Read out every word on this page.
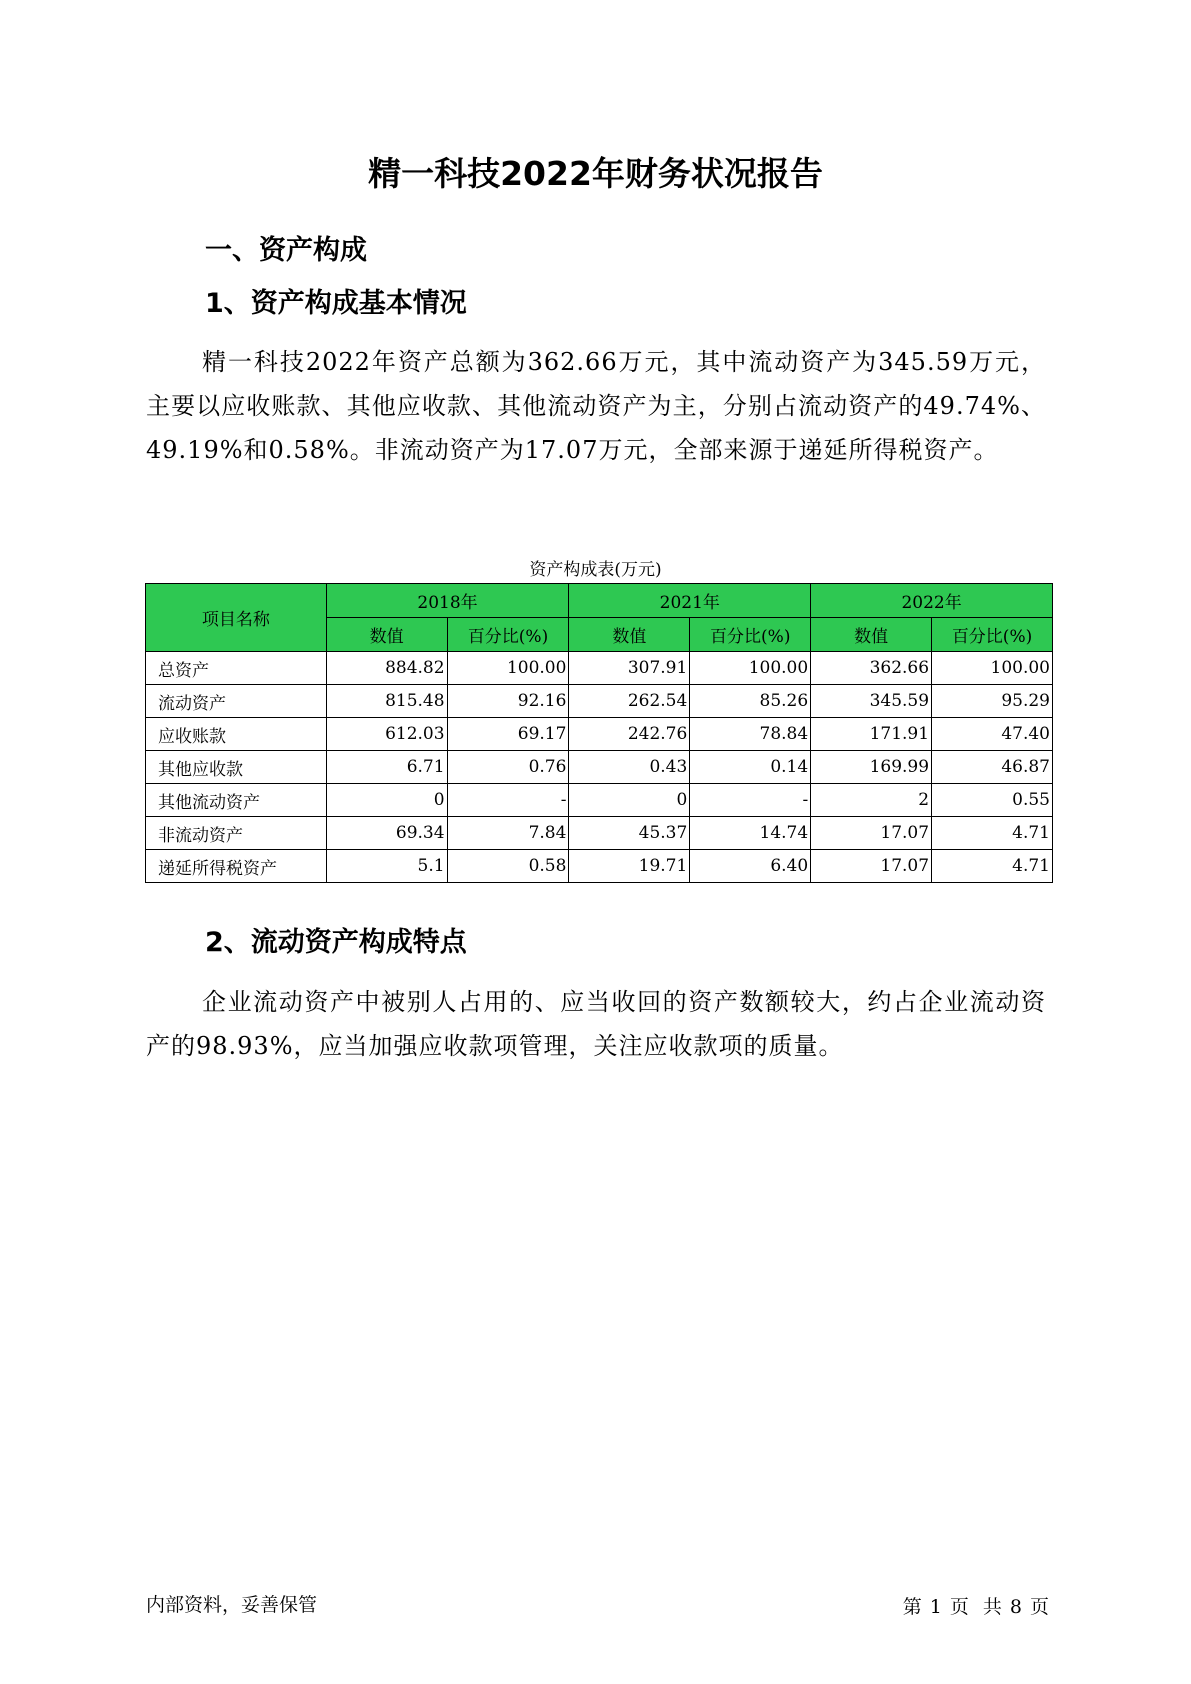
精一科技2022年财务状况报告
一、资产构成
1、资产构成基本情况
精一科技2022年资产总额为362.66万元，其中流动资产为345.59万元，主要以应收账款、其他应收款、其他流动资产为主，分别占流动资产的49.74%、49.19%和0.58%。非流动资产为17.07万元，全部来源于递延所得税资产。
资产构成表(万元)
项目名称	2018年		2021年		2022年	
	数值	百分比(%)	数值	百分比(%)	数值	百分比(%)
总资产	884.82	100.00	307.91	100.00	362.66	100.00
流动资产	815.48	92.16	262.54	85.26	345.59	95.29
应收账款	612.03	69.17	242.76	78.84	171.91	47.40
其他应收款	6.71	0.76	0.43	0.14	169.99	46.87
其他流动资产	0	-	0	-	2	0.55
非流动资产	69.34	7.84	45.37	14.74	17.07	4.71
递延所得税资产	5.1	0.58	19.71	6.40	17.07	4.71
2、流动资产构成特点
企业流动资产中被别人占用的、应当收回的资产数额较大，约占企业流动资产的98.93%，应当加强应收款项管理，关注应收款项的质量。
内部资料，妥善保管	第 1 页 共 8 页
